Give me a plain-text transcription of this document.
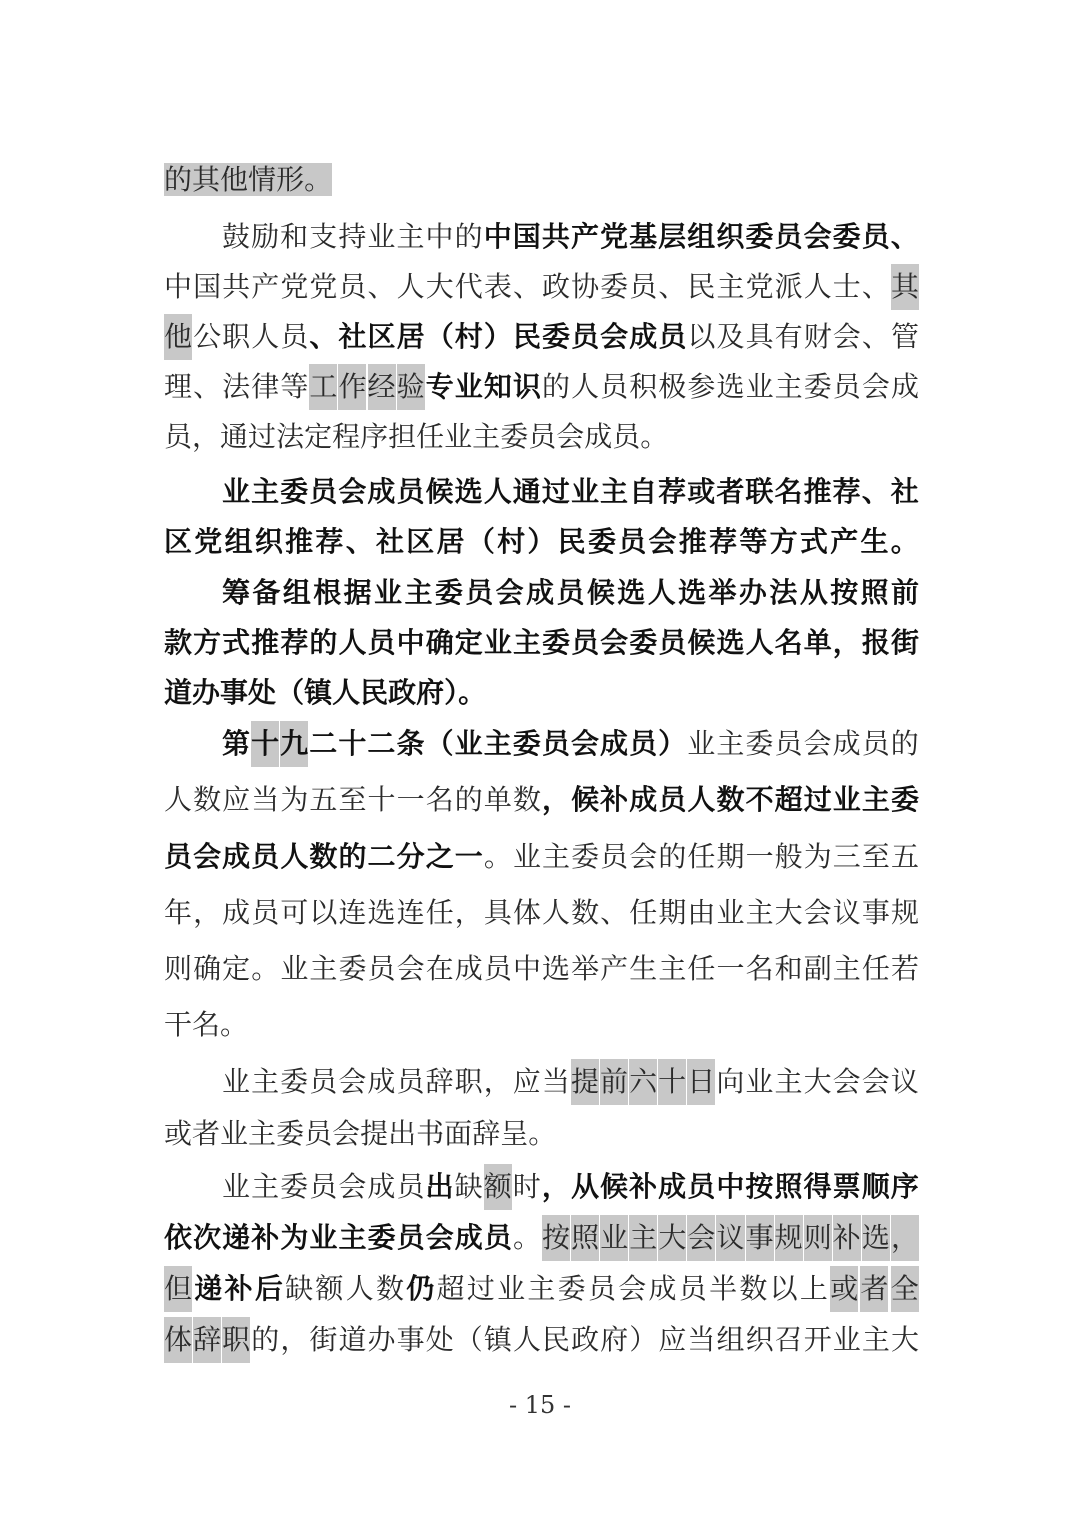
的其他情形。
鼓 励 和 支 持 业 主 中 的 中 国 共 产 党 基 层 组 织 委 员 会 委 员 、
中 国 共 产 党 党 员 、 人 大 代 表 、 政 协 委 员 、 民 主 党 派 人 士 、 其
他 公 职 人 员 、 社 区 居 （ 村 ） 民 委 员 会 成 员 以 及 具 有 财 会 、 管
理 、 法 律 等 工 作 经 验 专 业 知 识 的 人 员 积 极 参 选 业 主 委 员 会 成
员，通过法定程序担任业主委员会成员。
业 主 委 员 会 成 员 候 选 人 通 过 业 主 自 荐 或 者 联 名 推 荐 、 社
区 党 组 织 推 荐 、 社 区 居 （ 村 ） 民 委 员 会 推 荐 等 方 式 产 生 。
筹 备 组 根 据 业 主 委 员 会 成 员 候 选 人 选 举 办 法 从 按 照 前
款 方 式 推 荐 的 人 员 中 确 定 业 主 委 员 会 委 员 候 选 人 名 单 ， 报 街
道办事处（镇人民政府）。
第 十 九 二 十 二 条 （ 业 主 委 员 会 成 员 ） 业 主 委 员 会 成 员 的
人 数 应 当 为 五 至 十 一 名 的 单 数 ， 候 补 成 员 人 数 不 超 过 业 主 委
员 会 成 员 人 数 的 二 分 之 一 。 业 主 委 员 会 的 任 期 一 般 为 三 至 五
年 ， 成 员 可 以 连 选 连 任 ， 具 体 人 数 、 任 期 由 业 主 大 会 议 事 规
则 确 定 。 业 主 委 员 会 在 成 员 中 选 举 产 生 主 任 一 名 和 副 主 任 若
干名。
业 主 委 员 会 成 员 辞 职 ， 应 当 提 前 六 十 日 向 业 主 大 会 会 议
或者业主委员会提出书面辞呈。
业 主 委 员 会 成 员 出 缺 额 时 ， 从 候 补 成 员 中 按 照 得 票 顺 序
依 次 递 补 为 业 主 委 员 会 成 员 。 按 照 业 主 大 会 议 事 规 则 补 选 ，
但 递 补 后 缺 额 人 数 仍 超 过 业 主 委 员 会 成 员 半 数 以 上 或 者 全
体 辞 职 的 ， 街 道 办 事 处 （ 镇 人 民 政 府 ） 应 当 组 织 召 开 业 主 大
- 15 -
